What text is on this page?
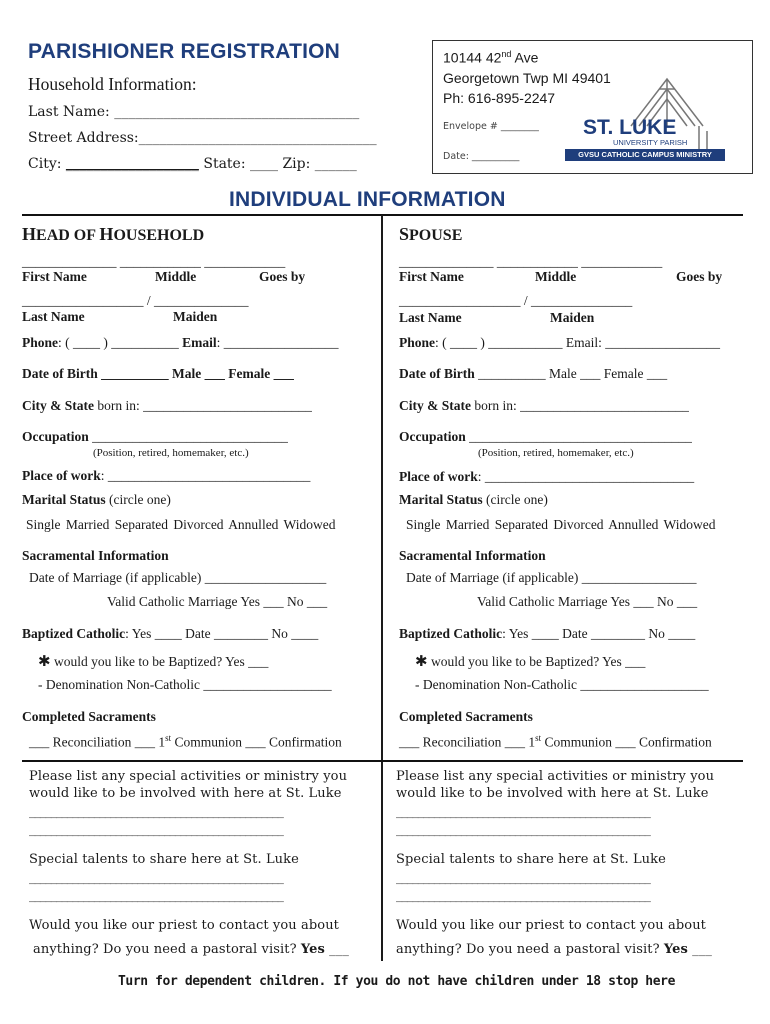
PARISHIONER REGISTRATION
Household Information:
Last Name: ___________________________________
Street Address:__________________________________
City: ___________________ State: ____ Zip: ______
10144 42nd Ave
Georgetown Twp MI 49401
Ph: 616-895-2247
Envelope # ________
Date: __________
ST. LUKE
UNIVERSITY PARISH
GVSU CATHOLIC CAMPUS MINISTRY
INDIVIDUAL INFORMATION
HEAD OF HOUSEHOLD
______________ ____________ ____________
First Name	Middle	Goes by
__________________ / ______________
Last Name	Maiden
Phone: ( ____ ) __________ Email: _________________
Date of Birth __________ Male ___ Female ___
City & State born in: _________________________
Occupation _____________________________
(Position, retired, homemaker, etc.)
Place of work: ______________________________
Marital Status (circle one)
Single Married Separated Divorced Annulled Widowed
Sacramental Information
Date of Marriage (if applicable) __________________
Valid Catholic Marriage Yes ___ No ___
Baptized Catholic: Yes ____ Date ________ No ____
✱ would you like to be Baptized? Yes ___
- Denomination Non-Catholic ___________________
Completed Sacraments
___ Reconciliation ___ 1st Communion ___ Confirmation
SPOUSE
______________ ____________ ____________
First Name	Middle	Goes by
__________________ / _______________
Last Name	Maiden
Phone: ( ____ ) ___________ Email: _________________
Date of Birth __________ Male ___ Female ___
City & State born in: _________________________
Occupation _________________________________
(Position, retired, homemaker, etc.)
Place of work: _______________________________
Marital Status (circle one)
Single Married Separated Divorced Annulled Widowed
Sacramental Information
Date of Marriage (if applicable) _________________
Valid Catholic Marriage Yes ___ No ___
Baptized Catholic: Yes ____ Date ________ No ____
✱ would you like to be Baptized? Yes ___
- Denomination Non-Catholic ___________________
Completed Sacraments
___ Reconciliation ___ 1st Communion ___ Confirmation
Please list any special activities or ministry you
would like to be involved with here at St. Luke
_______________________________________________
_______________________________________________
Special talents to share here at St. Luke
_______________________________________________
_______________________________________________
Would you like our priest to contact you about
anything? Do you need a pastoral visit? Yes ___
Please list any special activities or ministry you
would like to be involved with here at St. Luke
_______________________________________________
_______________________________________________
Special talents to share here at St. Luke
_______________________________________________
_______________________________________________
Would you like our priest to contact you about
anything? Do you need a pastoral visit? Yes ___
Turn for dependent children. If you do not have children under 18 stop here
